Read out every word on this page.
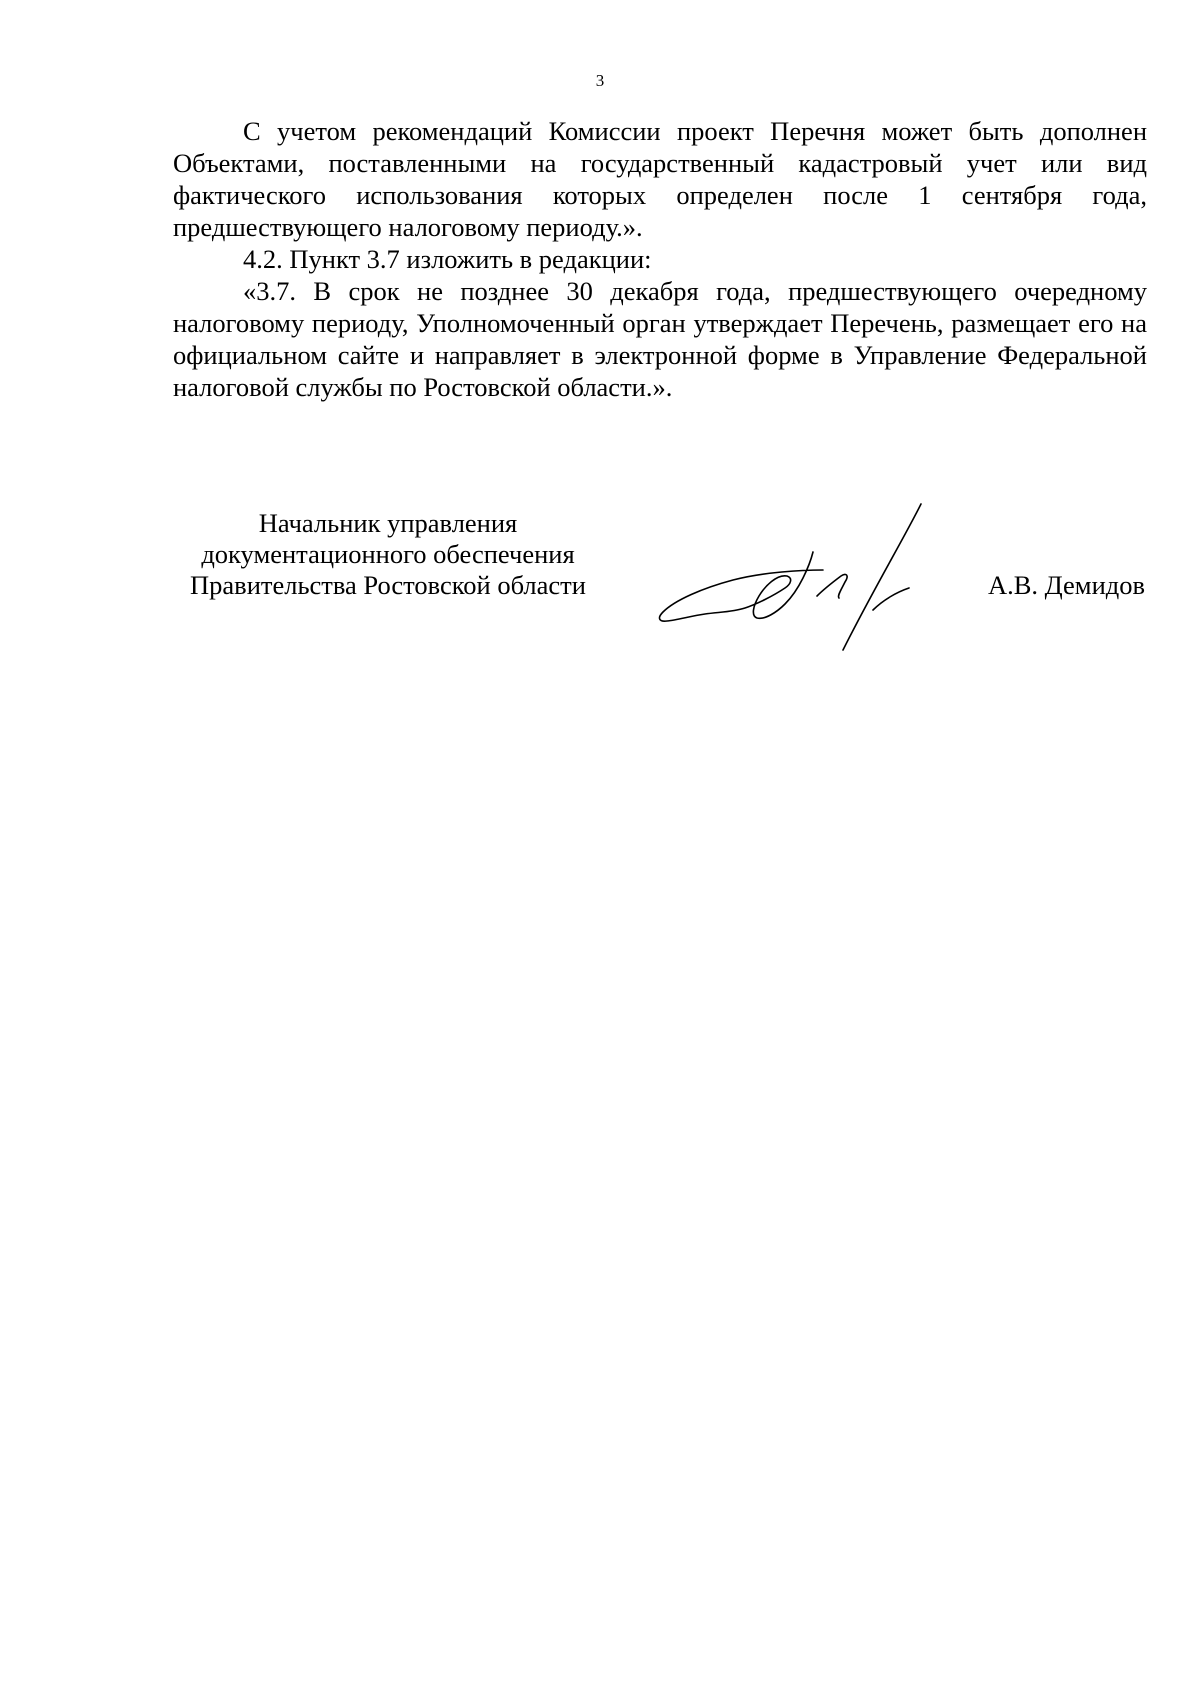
3

С учетом рекомендаций Комиссии проект Перечня может быть дополнен Объектами, поставленными на государственный кадастровый учет или вид фактического использования которых определен после 1 сентября года, предшествующего налоговому периоду.».

4.2. Пункт 3.7 изложить в редакции:

«3.7. В срок не позднее 30 декабря года, предшествующего очередному налоговому периоду, Уполномоченный орган утверждает Перечень, размещает его на официальном сайте и направляет в электронной форме в Управление Федеральной налоговой службы по Ростовской области.».

Начальник управления
документационного обеспечения
Правительства Ростовской области	А.В. Демидов
